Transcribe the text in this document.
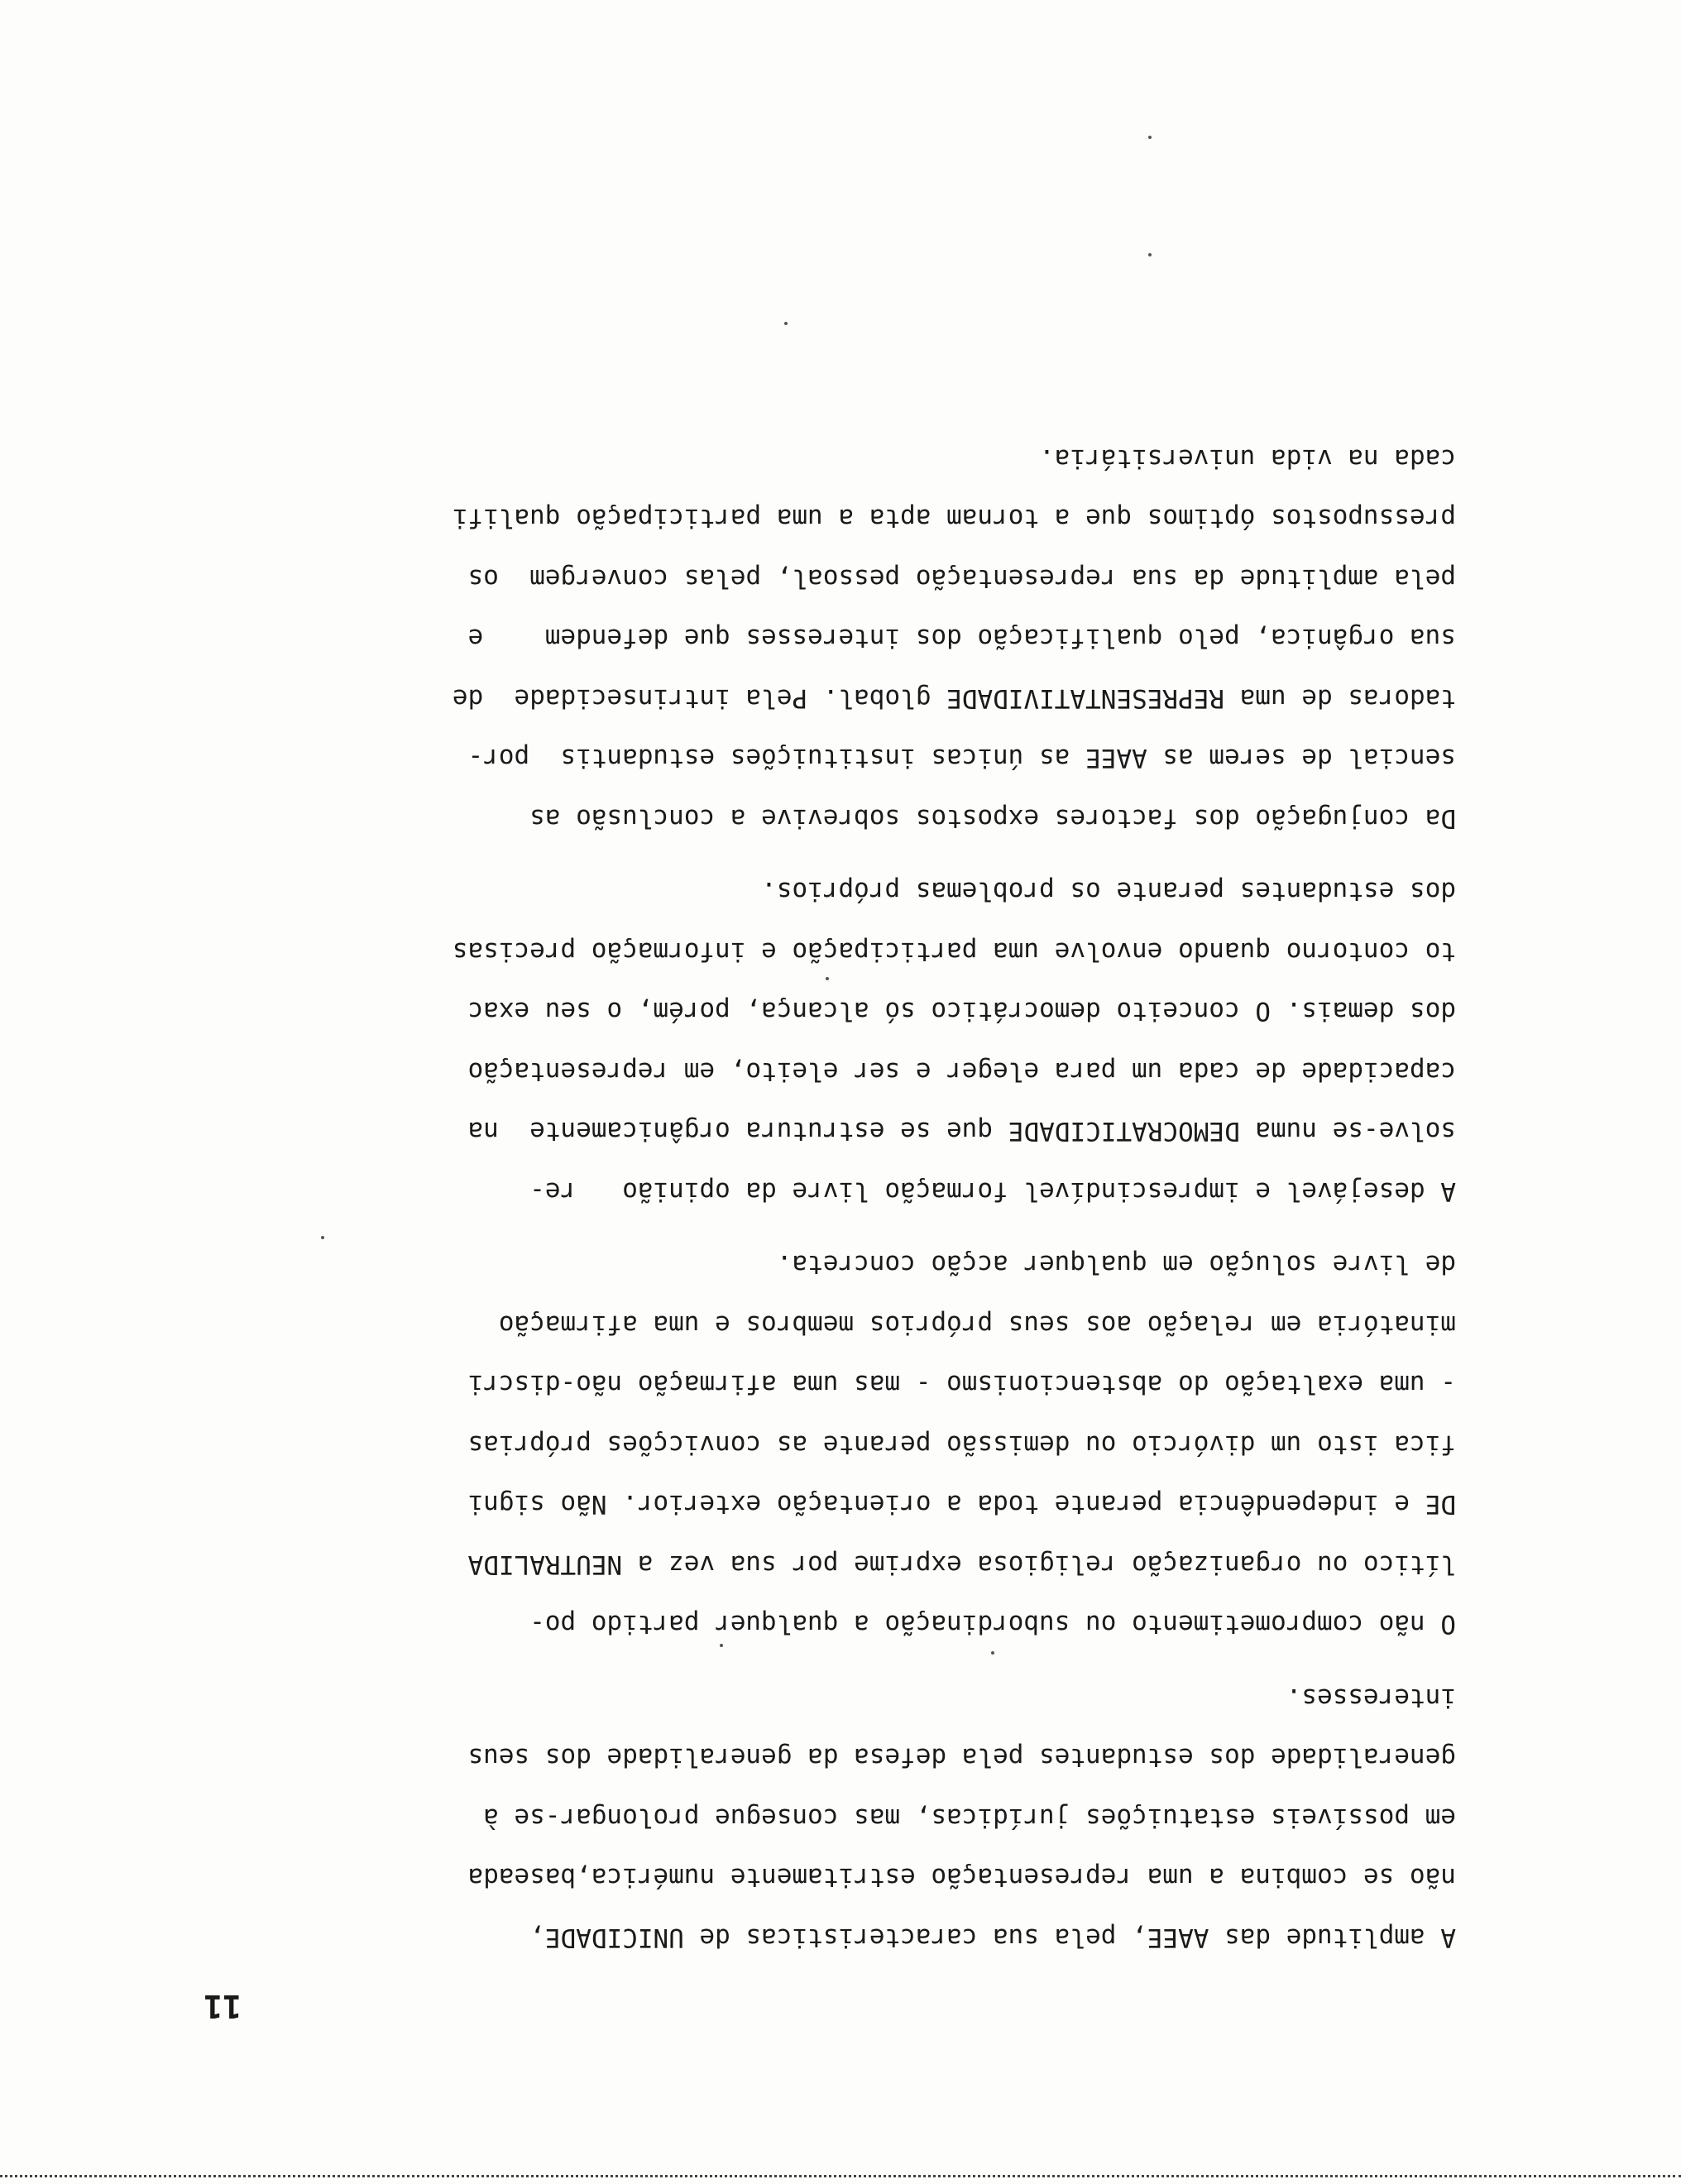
11
A amplitude das AAEE, pela sua caracteristicas de UNICIDADE,
não se combina a uma representação estritamente numérica,baseada
em possíveis estatuições jurídicas, mas consegue prolongar-se à
generalidade dos estudantes pela defesa da generalidade dos seus
interesses.
O não comprometimento ou subordinação a qualquer partido po-
lítico ou organização religiosa exprime por sua vez a NEUTRALIDA
DE e independência perante toda a orientação exterior. Não signi
fica isto um divórcio ou demissão perante as convicções próprias
- uma exaltação do abstencionismo - mas uma afirmação não-discri
minatória em relação aos seus próprios membros e uma afirmação
de livre solução em qualquer acção concreta.
A desejável e imprescindível formação livre da opinião   re-
solve-se numa DEMOCRATICIDADE que se estrutura orgânicamente  na
capacidade de cada um para eleger e ser eleito, em representação
dos demais. O conceito democrático só alcança, porém, o seu exac
to contorno quando envolve uma participação e informação precisas
dos estudantes perante os problemas próprios.
Da conjugação dos factores expostos sobrevive a conclusão as
sencial de serem as AAEE as únicas instituições estudantis  por-
tadoras de uma REPRESENTATIVIDADE global. Pela intrinsecidade  de
sua orgânica, pelo qualificação dos interesses que defendem    e
pela amplitude da sua representação pessoal, pelas convergem  os
pressupostos óptimos que a tornam apta a uma participação qualifi
cada na vida universitária.
